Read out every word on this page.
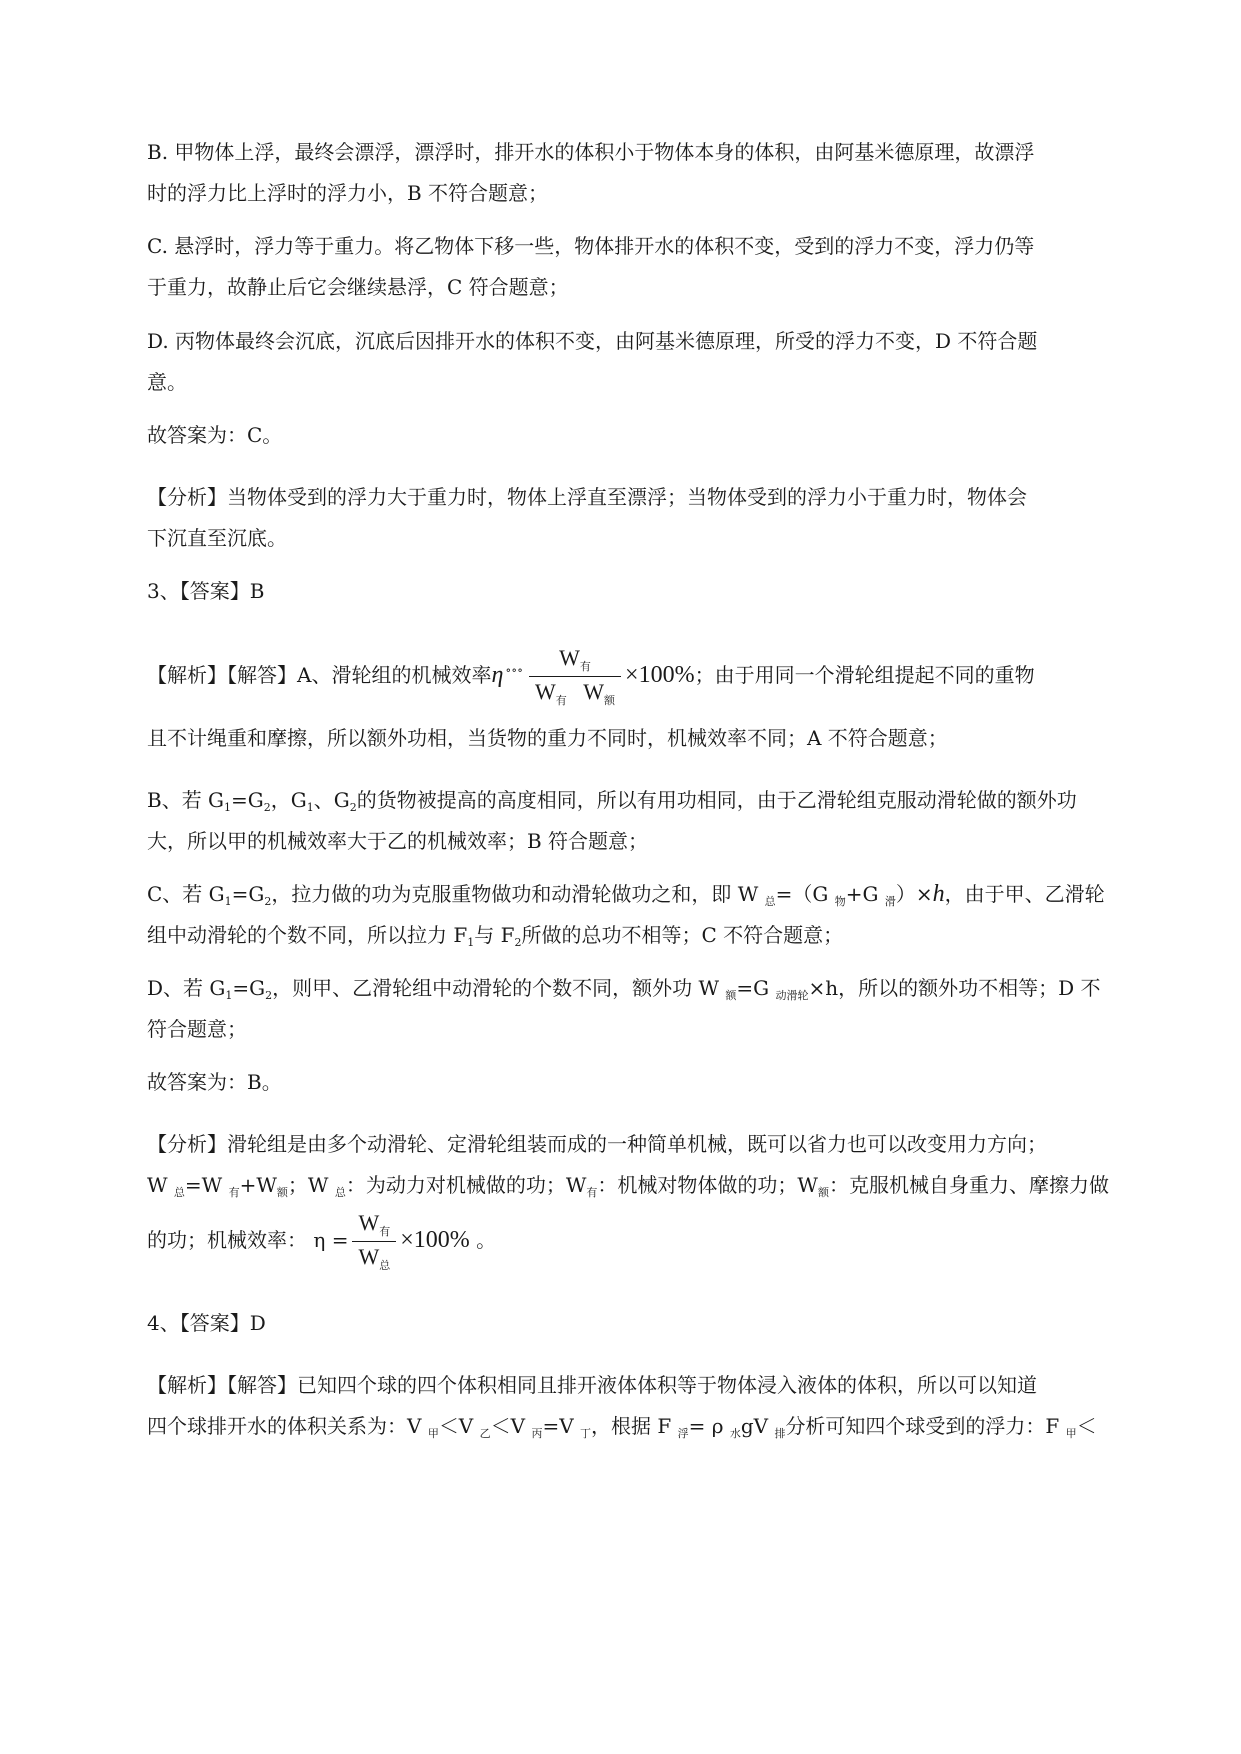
B. 甲物体上浮，最终会漂浮，漂浮时，排开水的体积小于物体本身的体积，由阿基米德原理，故漂浮
时的浮力比上浮时的浮力小，B 不符合题意；

C. 悬浮时，浮力等于重力。将乙物体下移一些，物体排开水的体积不变，受到的浮力不变，浮力仍等
于重力，故静止后它会继续悬浮，C 符合题意；

D. 丙物体最终会沉底，沉底后因排开水的体积不变，由阿基米德原理，所受的浮力不变，D 不符合题
意。

故答案为：C。

【分析】当物体受到的浮力大于重力时，物体上浮直至漂浮；当物体受到的浮力小于重力时，物体会
下沉直至沉底。

3、【答案】B

【解析】【解答】A、滑轮组的机械效率η $^{\circ\circ\circ} \frac{W_有}{W_有 W_额} \times 100\%$；由于用同一个滑轮组提起不同的重物

且不计绳重和摩擦，所以额外功相，当货物的重力不同时，机械效率不同；A 不符合题意；

B、若 $G_1=G_2$，$G_1$、$G_2$的货物被提高的高度相同，所以有用功相同，由于乙滑轮组克服动滑轮做的额外功
大，所以甲的机械效率大于乙的机械效率；B 符合题意；

C、若 $G_1=G_2$，拉力做的功为克服重物做功和动滑轮做功之和，即 W $_总$=（G $_物$+G $_滑$）×h，由于甲、乙滑轮
组中动滑轮的个数不同，所以拉力 $F_1$与 $F_2$所做的总功不相等；C 不符合题意；

D、若 $G_1=G_2$，则甲、乙滑轮组中动滑轮的个数不同，额外功 W $_额$=G $_{动滑轮}$×h，所以的额外功不相等；D 不
符合题意；

故答案为：B。

【分析】滑轮组是由多个动滑轮、定滑轮组装而成的一种简单机械，既可以省力也可以改变用力方向；
W $_总$=W $_有+W_额$；W $_总$：为动力对机械做的功；$W_有$：机械对物体做的功；$W_额$：克服机械自身重力、摩擦力做

的功；机械效率： $\eta = \frac{W_有}{W_总} \times 100\%$ 。

4、【答案】D

【解析】【解答】已知四个球的四个体积相同且排开液体体积等于物体浸入液体的体积，所以可以知道
四个球排开水的体积关系为：V $_甲$＜V $_乙$＜V $_丙$=V $_丁$，根据 F $_浮$= ρ $_水$gV $_排$分析可知四个球受到的浮力：F $_甲$＜
